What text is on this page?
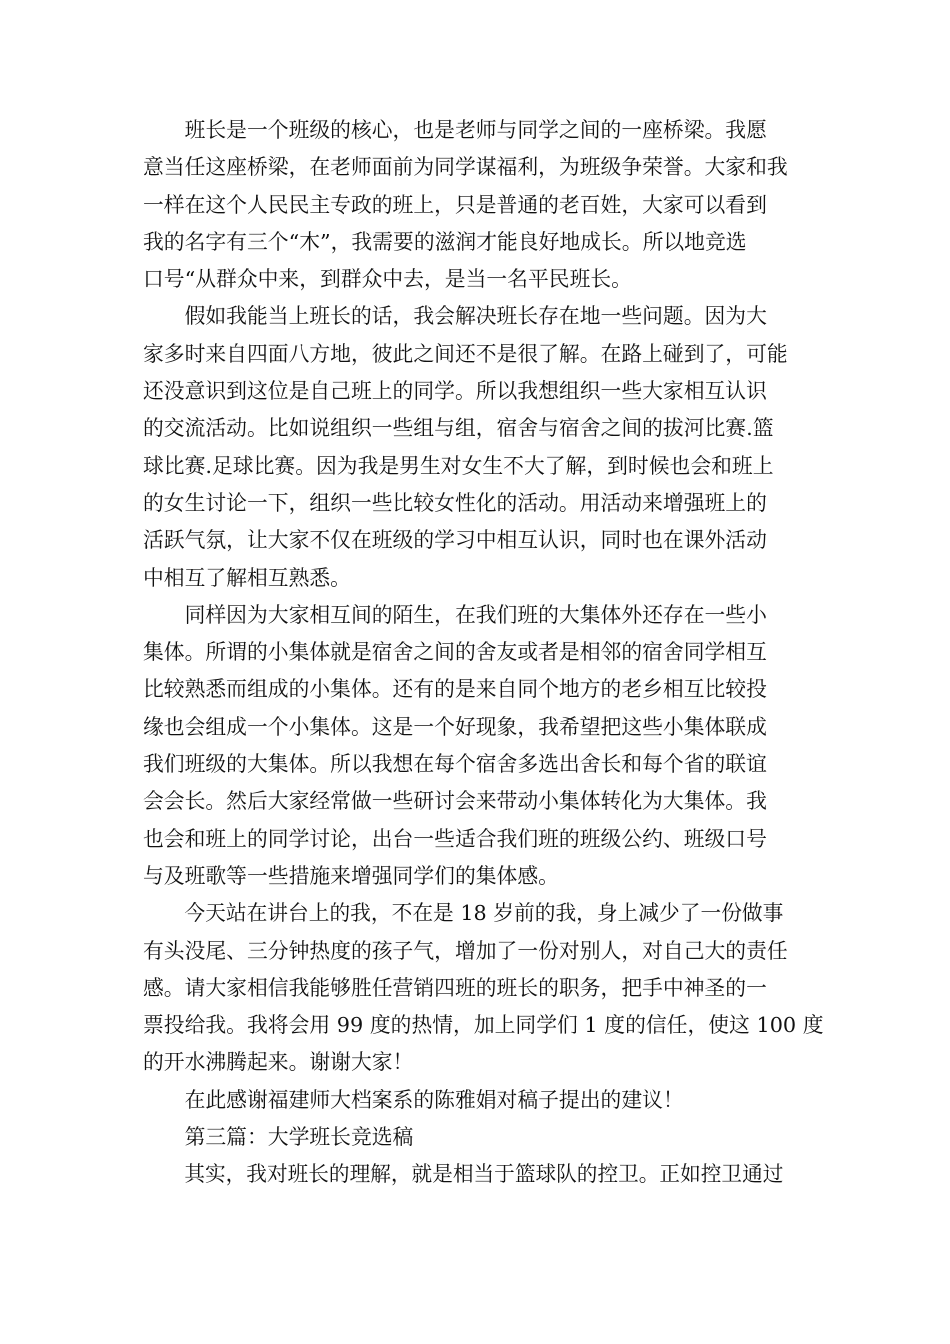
班长是一个班级的核心，也是老师与同学之间的一座桥梁。我愿
意当任这座桥梁，在老师面前为同学谋福利，为班级争荣誉。大家和我
一样在这个人民民主专政的班上，只是普通的老百姓，大家可以看到
我的名字有三个“木”，我需要的滋润才能良好地成长。所以地竞选
口号“从群众中来，到群众中去，是当一名平民班长。
假如我能当上班长的话，我会解决班长存在地一些问题。因为大
家多时来自四面八方地，彼此之间还不是很了解。在路上碰到了，可能
还没意识到这位是自己班上的同学。所以我想组织一些大家相互认识
的交流活动。比如说组织一些组与组，宿舍与宿舍之间的拔河比赛.篮
球比赛.足球比赛。因为我是男生对女生不大了解，到时候也会和班上
的女生讨论一下，组织一些比较女性化的活动。用活动来增强班上的
活跃气氛，让大家不仅在班级的学习中相互认识，同时也在课外活动
中相互了解相互熟悉。
同样因为大家相互间的陌生，在我们班的大集体外还存在一些小
集体。所谓的小集体就是宿舍之间的舍友或者是相邻的宿舍同学相互
比较熟悉而组成的小集体。还有的是来自同个地方的老乡相互比较投
缘也会组成一个小集体。这是一个好现象，我希望把这些小集体联成
我们班级的大集体。所以我想在每个宿舍多选出舍长和每个省的联谊
会会长。然后大家经常做一些研讨会来带动小集体转化为大集体。我
也会和班上的同学讨论，出台一些适合我们班的班级公约、班级口号
与及班歌等一些措施来增强同学们的集体感。
今天站在讲台上的我，不在是 18 岁前的我，身上减少了一份做事
有头没尾、三分钟热度的孩子气，增加了一份对别人，对自己大的责任
感。请大家相信我能够胜任营销四班的班长的职务，把手中神圣的一
票投给我。我将会用 99 度的热情，加上同学们 1 度的信任，使这 100 度
的开水沸腾起来。谢谢大家！
在此感谢福建师大档案系的陈雅娟对稿子提出的建议！
第三篇：大学班长竞选稿
其实，我对班长的理解，就是相当于篮球队的控卫。正如控卫通过
